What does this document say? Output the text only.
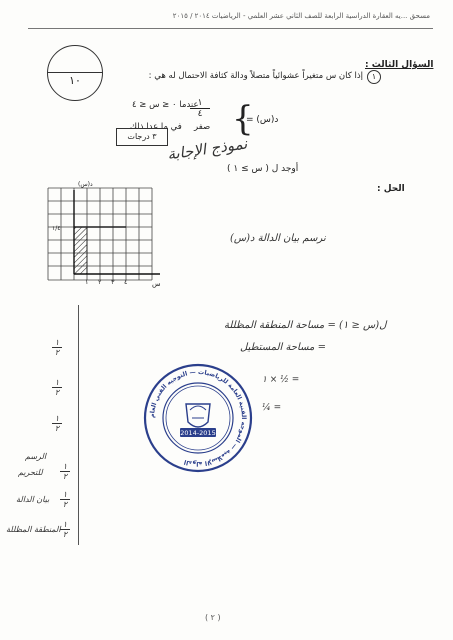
مسحق ...يه العقارة الدراسية الرابعة للصف الثاني عشر العلمي - الرياضيات ٢٠١٤ / ٢٠١٥
١٠
السؤال الثالث :
١
إذا كان س متغيراً عشوائياً متصلاً ودالة كثافة الاحتمال له هي :
د(س) =
{
١
٤
عندما ٠ ≤ س ≤ ٤
صفر
في ما عدا ذلك
٣ درجات نموذج الإجابة
أوجد ل ( س ≥ ١ )
الحل :
د(س)
س
١ ٢ ٣ ٤
١/٤
نرسم بيان الدالة د(س)
ل(س ≤ ١) = مساحة المنطقة المظللة
= مساحة المستطيل
١ × ½ =
¼ =
١
٢
١
٢
١
٢
الرسم
١
٢
للتحريم
١
٢
بيان الدالة
١
٢
المنطقة المظللة
2014-2015
الدولة الإسلامية — الموجه الفنية العامة للرياضيات — التوجيه الفني العام
( ٢ )
